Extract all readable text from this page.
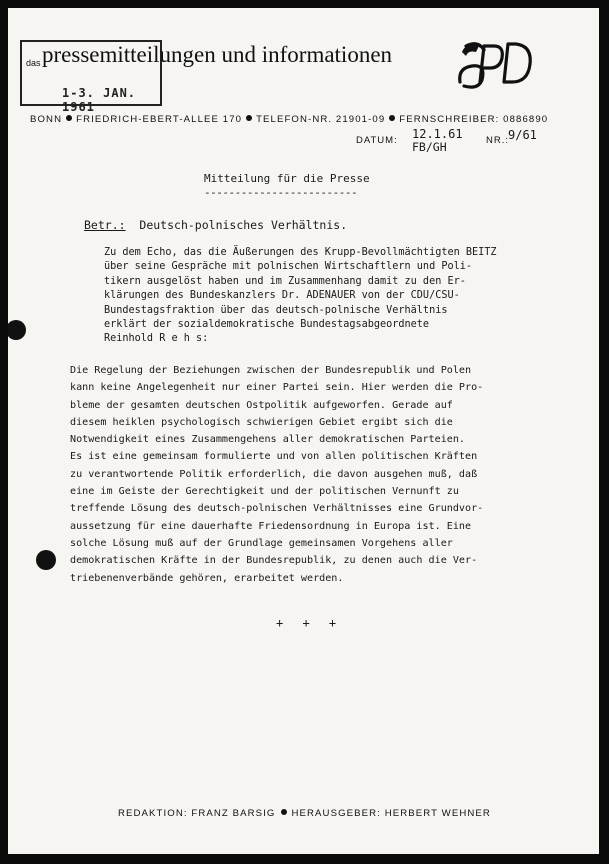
das
1-3. JAN. 1961
pressemitteilungen und informationen
BONN FRIEDRICH-EBERT-ALLEE 170 TELEFON-NR. 21901-09 FERNSCHREIBER: 0886890
DATUM: 12.1.61
FB/GH	NR.: 9/61
Mitteilung für die Presse
-------------------------
Betr.: Deutsch-polnisches Verhältnis.
Zu dem Echo, das die Äußerungen des Krupp-Bevollmächtigten BEITZ
über seine Gespräche mit polnischen Wirtschaftlern und Poli-
tikern ausgelöst haben und im Zusammenhang damit zu den Er-
klärungen des Bundeskanzlers Dr. ADENAUER von der CDU/CSU-
Bundestagsfraktion über das deutsch-polnische Verhältnis
erklärt der sozialdemokratische Bundestagsabgeordnete
Reinhold R e h s:
Die Regelung der Beziehungen zwischen der Bundesrepublik und Polen
kann keine Angelegenheit nur einer Partei sein. Hier werden die Pro-
bleme der gesamten deutschen Ostpolitik aufgeworfen. Gerade auf
diesem heiklen psychologisch schwierigen Gebiet ergibt sich die
Notwendigkeit eines Zusammengehens aller demokratischen Parteien.
Es ist eine gemeinsam formulierte und von allen politischen Kräften
zu verantwortende Politik erforderlich, die davon ausgehen muß, daß
eine im Geiste der Gerechtigkeit und der politischen Vernunft zu
treffende Lösung des deutsch-polnischen Verhältnisses eine Grundvor-
aussetzung für eine dauerhafte Friedensordnung in Europa ist. Eine
solche Lösung muß auf der Grundlage gemeinsamen Vorgehens aller
demokratischen Kräfte in der Bundesrepublik, zu denen auch die Ver-
triebenenverbände gehören, erarbeitet werden.
+ + +
REDAKTION: FRANZ BARSIG HERAUSGEBER: HERBERT WEHNER
